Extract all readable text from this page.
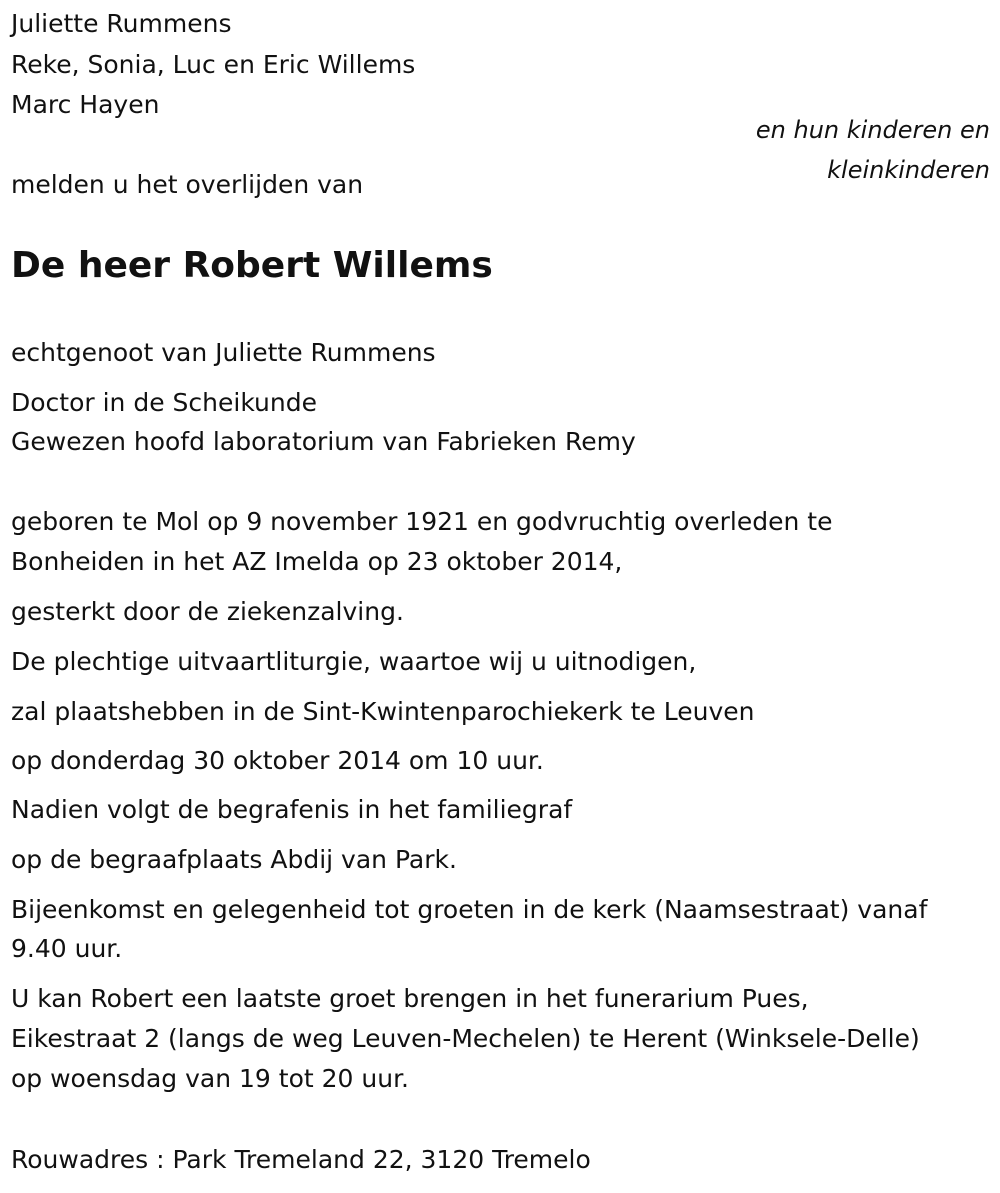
Juliette Rummens
Reke, Sonia, Luc en Eric Willems
Marc Hayen
en hun kinderen en kleinkinderen
melden u het overlijden van
De heer Robert Willems
echtgenoot van Juliette Rummens
Doctor in de Scheikunde
Gewezen hoofd laboratorium van Fabrieken Remy
geboren te Mol op 9 november 1921 en godvruchtig overleden te
Bonheiden in het AZ Imelda op 23 oktober 2014,
gesterkt door de ziekenzalving.
De plechtige uitvaartliturgie, waartoe wij u uitnodigen,
zal plaatshebben in de Sint-Kwintenparochiekerk te Leuven
op donderdag 30 oktober 2014 om 10 uur.
Nadien volgt de begrafenis in het familiegraf
op de begraafplaats Abdij van Park.
Bijeenkomst en gelegenheid tot groeten in de kerk (Naamsestraat) vanaf
9.40 uur.
U kan Robert een laatste groet brengen in het funerarium Pues,
Eikestraat 2 (langs de weg Leuven-Mechelen) te Herent (Winksele-Delle)
op woensdag van 19 tot 20 uur.
Rouwadres : Park Tremeland 22, 3120 Tremelo
